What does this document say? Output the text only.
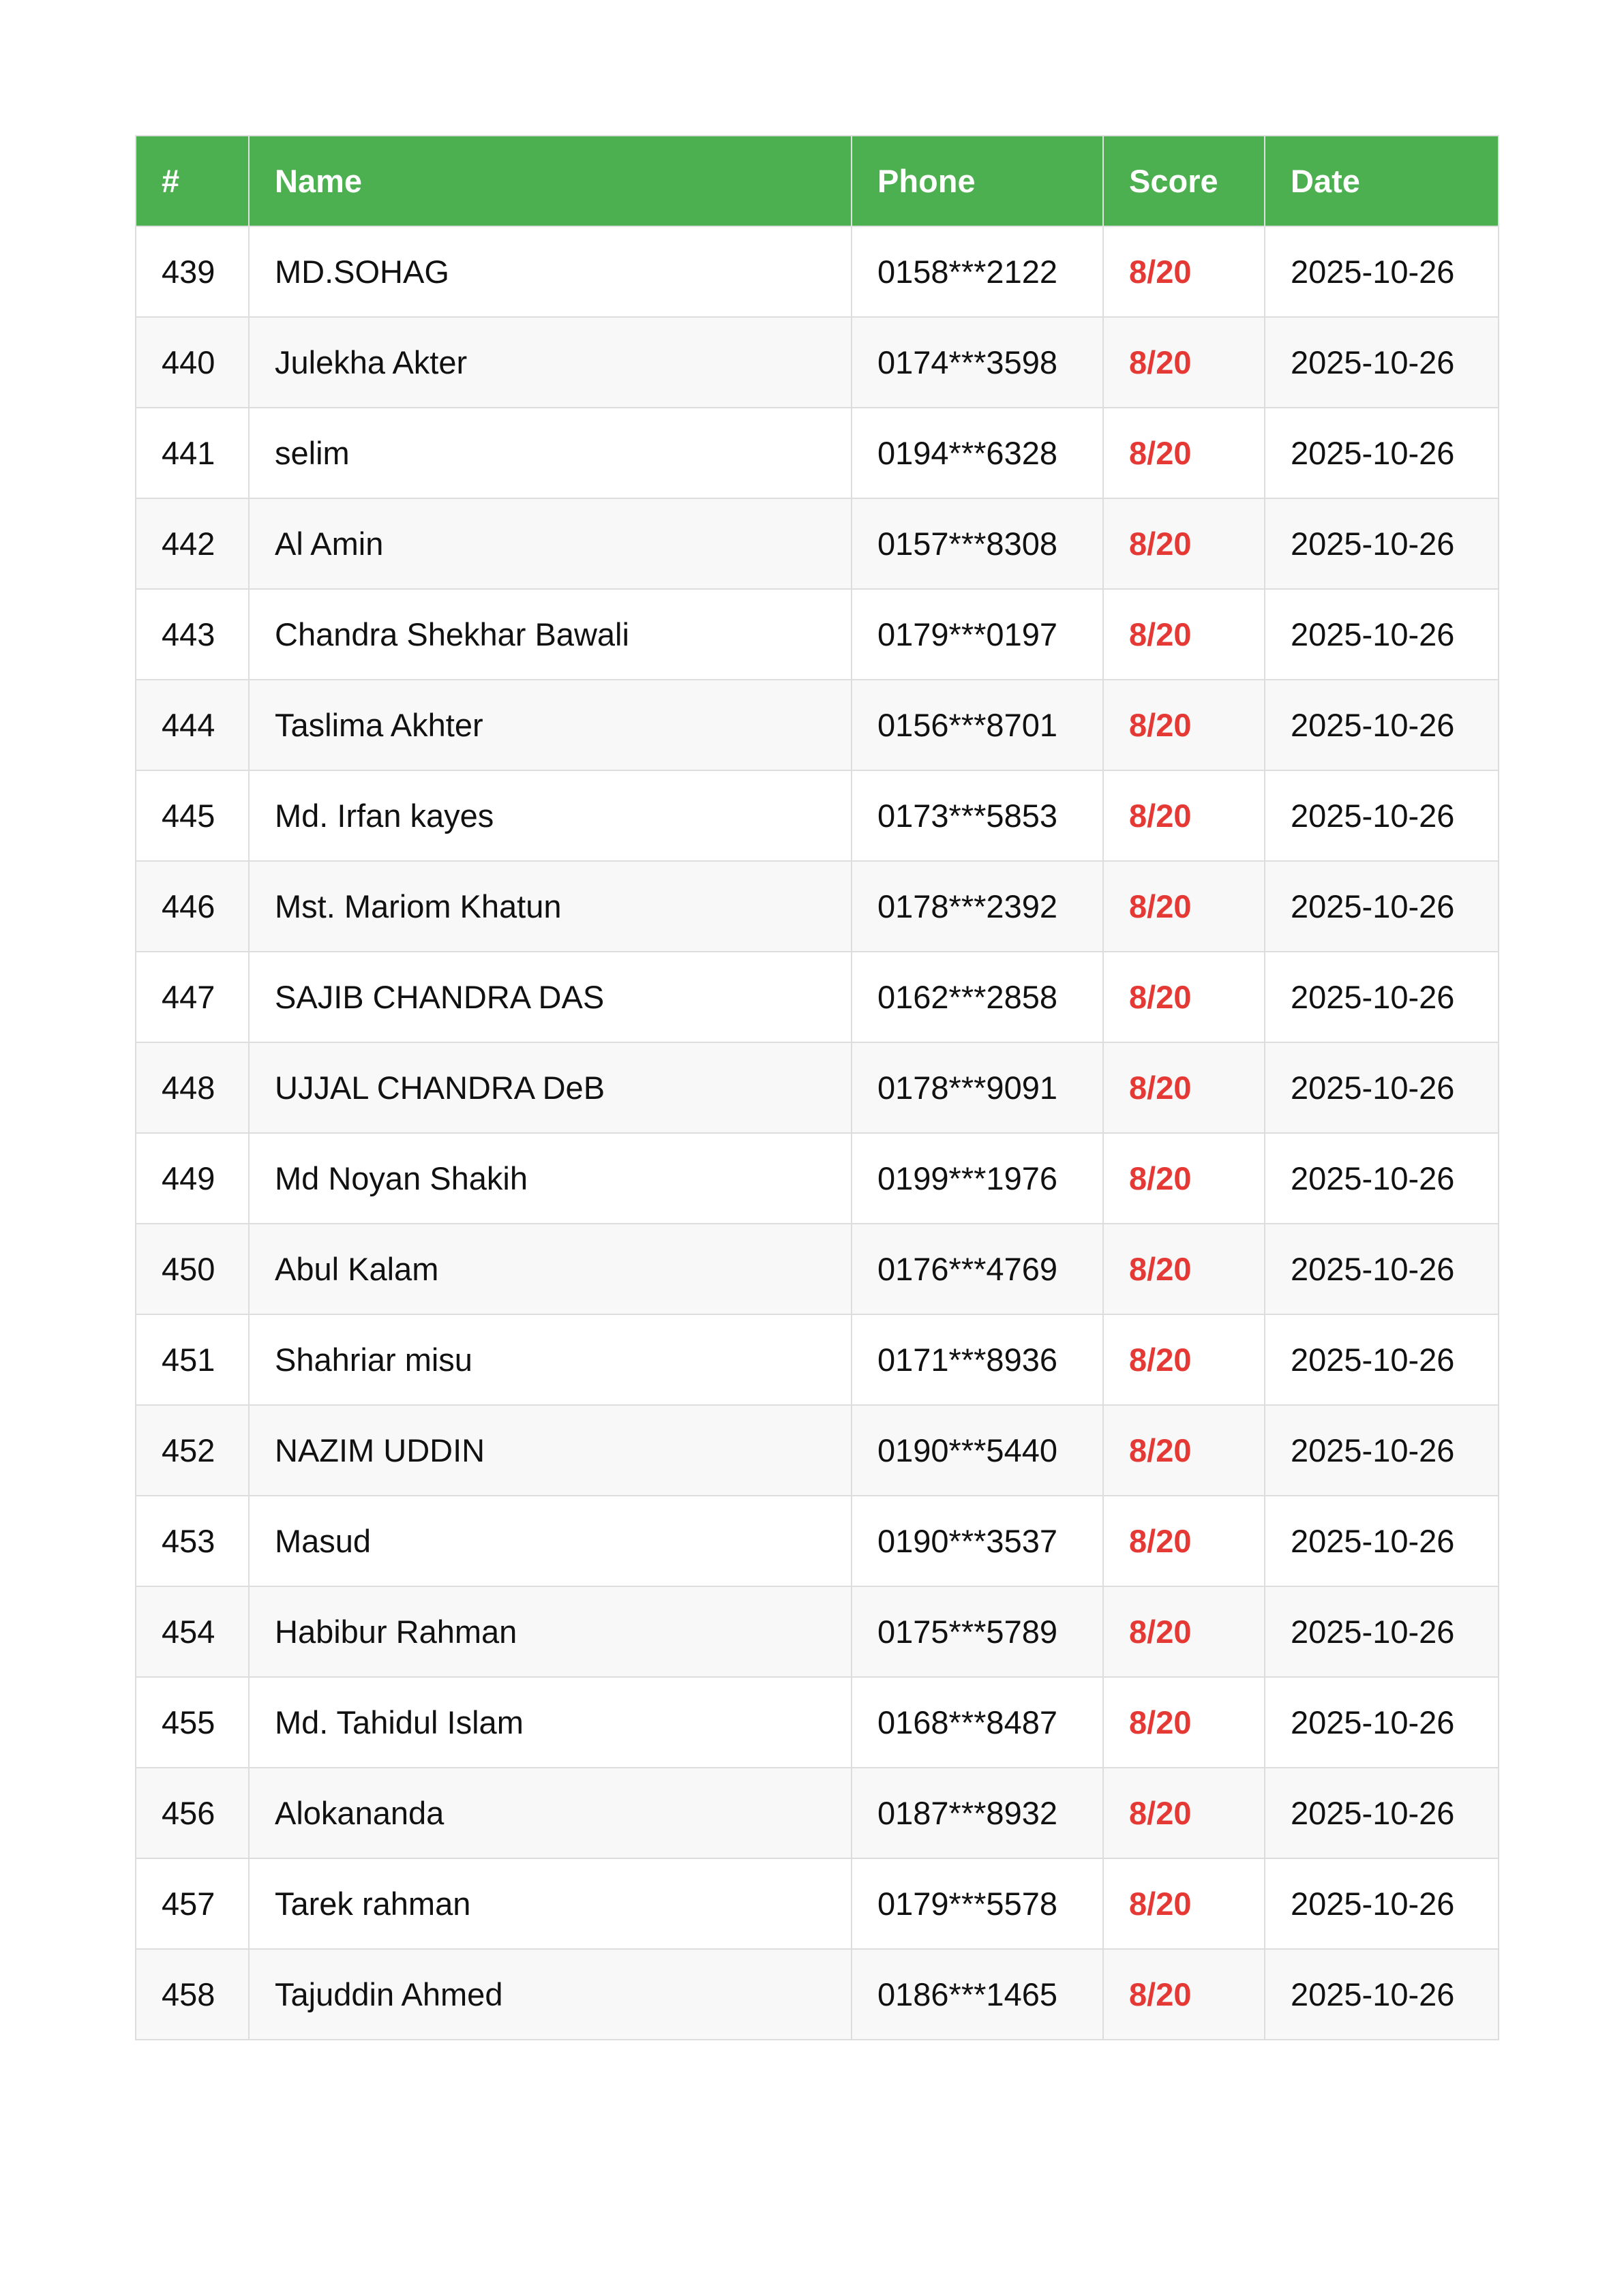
#	Name	Phone	Score	Date
439	MD.SOHAG	0158***2122	8/20	2025-10-26
440	Julekha Akter	0174***3598	8/20	2025-10-26
441	selim	0194***6328	8/20	2025-10-26
442	Al Amin	0157***8308	8/20	2025-10-26
443	Chandra Shekhar Bawali	0179***0197	8/20	2025-10-26
444	Taslima Akhter	0156***8701	8/20	2025-10-26
445	Md. Irfan kayes	0173***5853	8/20	2025-10-26
446	Mst. Mariom Khatun	0178***2392	8/20	2025-10-26
447	SAJIB CHANDRA DAS	0162***2858	8/20	2025-10-26
448	UJJAL CHANDRA DeB	0178***9091	8/20	2025-10-26
449	Md Noyan Shakih	0199***1976	8/20	2025-10-26
450	Abul Kalam	0176***4769	8/20	2025-10-26
451	Shahriar misu	0171***8936	8/20	2025-10-26
452	NAZIM UDDIN	0190***5440	8/20	2025-10-26
453	Masud	0190***3537	8/20	2025-10-26
454	Habibur Rahman	0175***5789	8/20	2025-10-26
455	Md. Tahidul Islam	0168***8487	8/20	2025-10-26
456	Alokananda	0187***8932	8/20	2025-10-26
457	Tarek rahman	0179***5578	8/20	2025-10-26
458	Tajuddin Ahmed	0186***1465	8/20	2025-10-26
